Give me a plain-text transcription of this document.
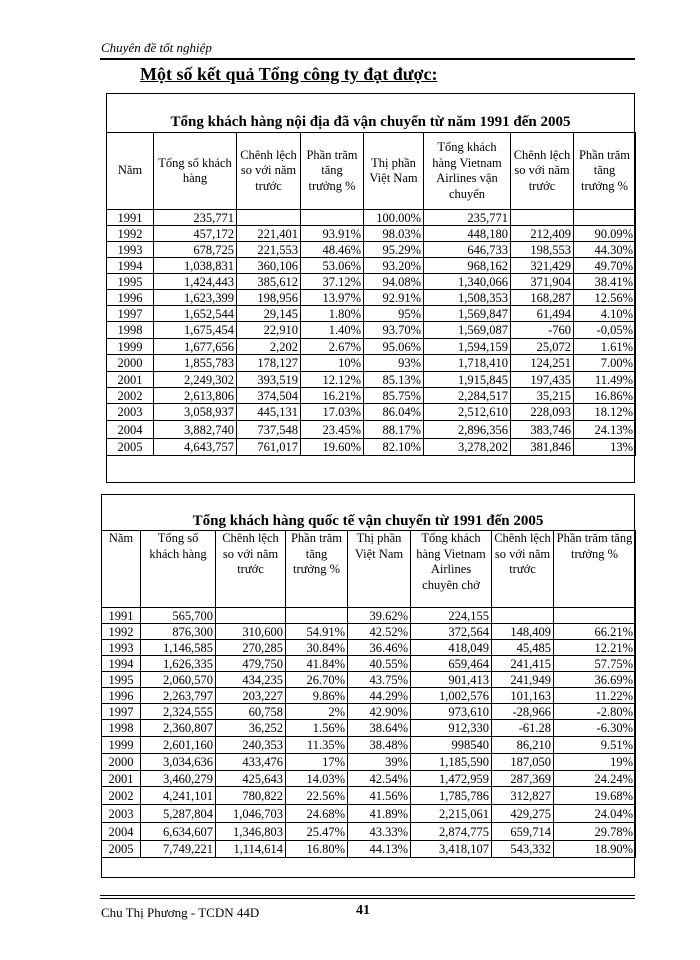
Chuyên đề tốt nghiệp
Một số kết quả Tổng công ty đạt được:
Tổng khách hàng nội địa đã vận chuyển từ năm 1991 đến 2005
Năm	Tổng số khách hàng	Chênh lệch so với năm trước	Phần trăm tăng trưởng %	Thị phần Việt Nam	Tổng khách hàng Vietnam Airlines vận chuyển	Chênh lệch so với năm trước	Phần trăm tăng trưởng %
1991	235,771			100.00%	235,771		
1992	457,172	221,401	93.91%	98.03%	448,180	212,409	90.09%
1993	678,725	221,553	48.46%	95.29%	646,733	198,553	44.30%
1994	1,038,831	360,106	53.06%	93.20%	968,162	321,429	49.70%
1995	1,424,443	385,612	37.12%	94.08%	1,340,066	371,904	38.41%
1996	1,623,399	198,956	13.97%	92.91%	1,508,353	168,287	12.56%
1997	1,652,544	29,145	1.80%	95%	1,569,847	61,494	4.10%
1998	1,675,454	22,910	1.40%	93.70%	1,569,087	-760	-0,05%
1999	1,677,656	2,202	2.67%	95.06%	1,594,159	25,072	1.61%
2000	1,855,783	178,127	10%	93%	1,718,410	124,251	7.00%
2001	2,249,302	393,519	12.12%	85.13%	1,915,845	197,435	11.49%
2002	2,613,806	374,504	16.21%	85.75%	2,284,517	35,215	16.86%
2003	3,058,937	445,131	17.03%	86.04%	2,512,610	228,093	18.12%
2004	3,882,740	737,548	23.45%	88.17%	2,896,356	383,746	24.13%
2005	4,643,757	761,017	19.60%	82.10%	3,278,202	381,846	13%
Tổng khách hàng quốc tế vận chuyển từ 1991 đến 2005
Năm	Tổng số khách hàng	Chênh lệch so với năm trước	Phần trăm tăng trưởng %	Thị phần Việt Nam	Tổng khách hàng Vietnam Airlines chuyên chở	Chênh lệch so với năm trước	Phần trăm tăng trưởng %
1991	565,700			39.62%	224,155		
1992	876,300	310,600	54.91%	42.52%	372,564	148,409	66.21%
1993	1,146,585	270,285	30.84%	36.46%	418,049	45,485	12.21%
1994	1,626,335	479,750	41.84%	40.55%	659,464	241,415	57.75%
1995	2,060,570	434,235	26.70%	43.75%	901,413	241,949	36.69%
1996	2,263,797	203,227	9.86%	44.29%	1,002,576	101,163	11.22%
1997	2,324,555	60,758	2%	42.90%	973,610	-28,966	-2.80%
1998	2,360,807	36,252	1.56%	38.64%	912,330	-61.28	-6.30%
1999	2,601,160	240,353	11.35%	38.48%	998540	86,210	9.51%
2000	3,034,636	433,476	17%	39%	1,185,590	187,050	19%
2001	3,460,279	425,643	14.03%	42.54%	1,472,959	287,369	24.24%
2002	4,241,101	780,822	22.56%	41.56%	1,785,786	312,827	19.68%
2003	5,287,804	1,046,703	24.68%	41.89%	2,215,061	429,275	24.04%
2004	6,634,607	1,346,803	25.47%	43.33%	2,874,775	659,714	29.78%
2005	7,749,221	1,114,614	16.80%	44.13%	3,418,107	543,332	18.90%
Chu Thị Phương - TCDN 44D	41
